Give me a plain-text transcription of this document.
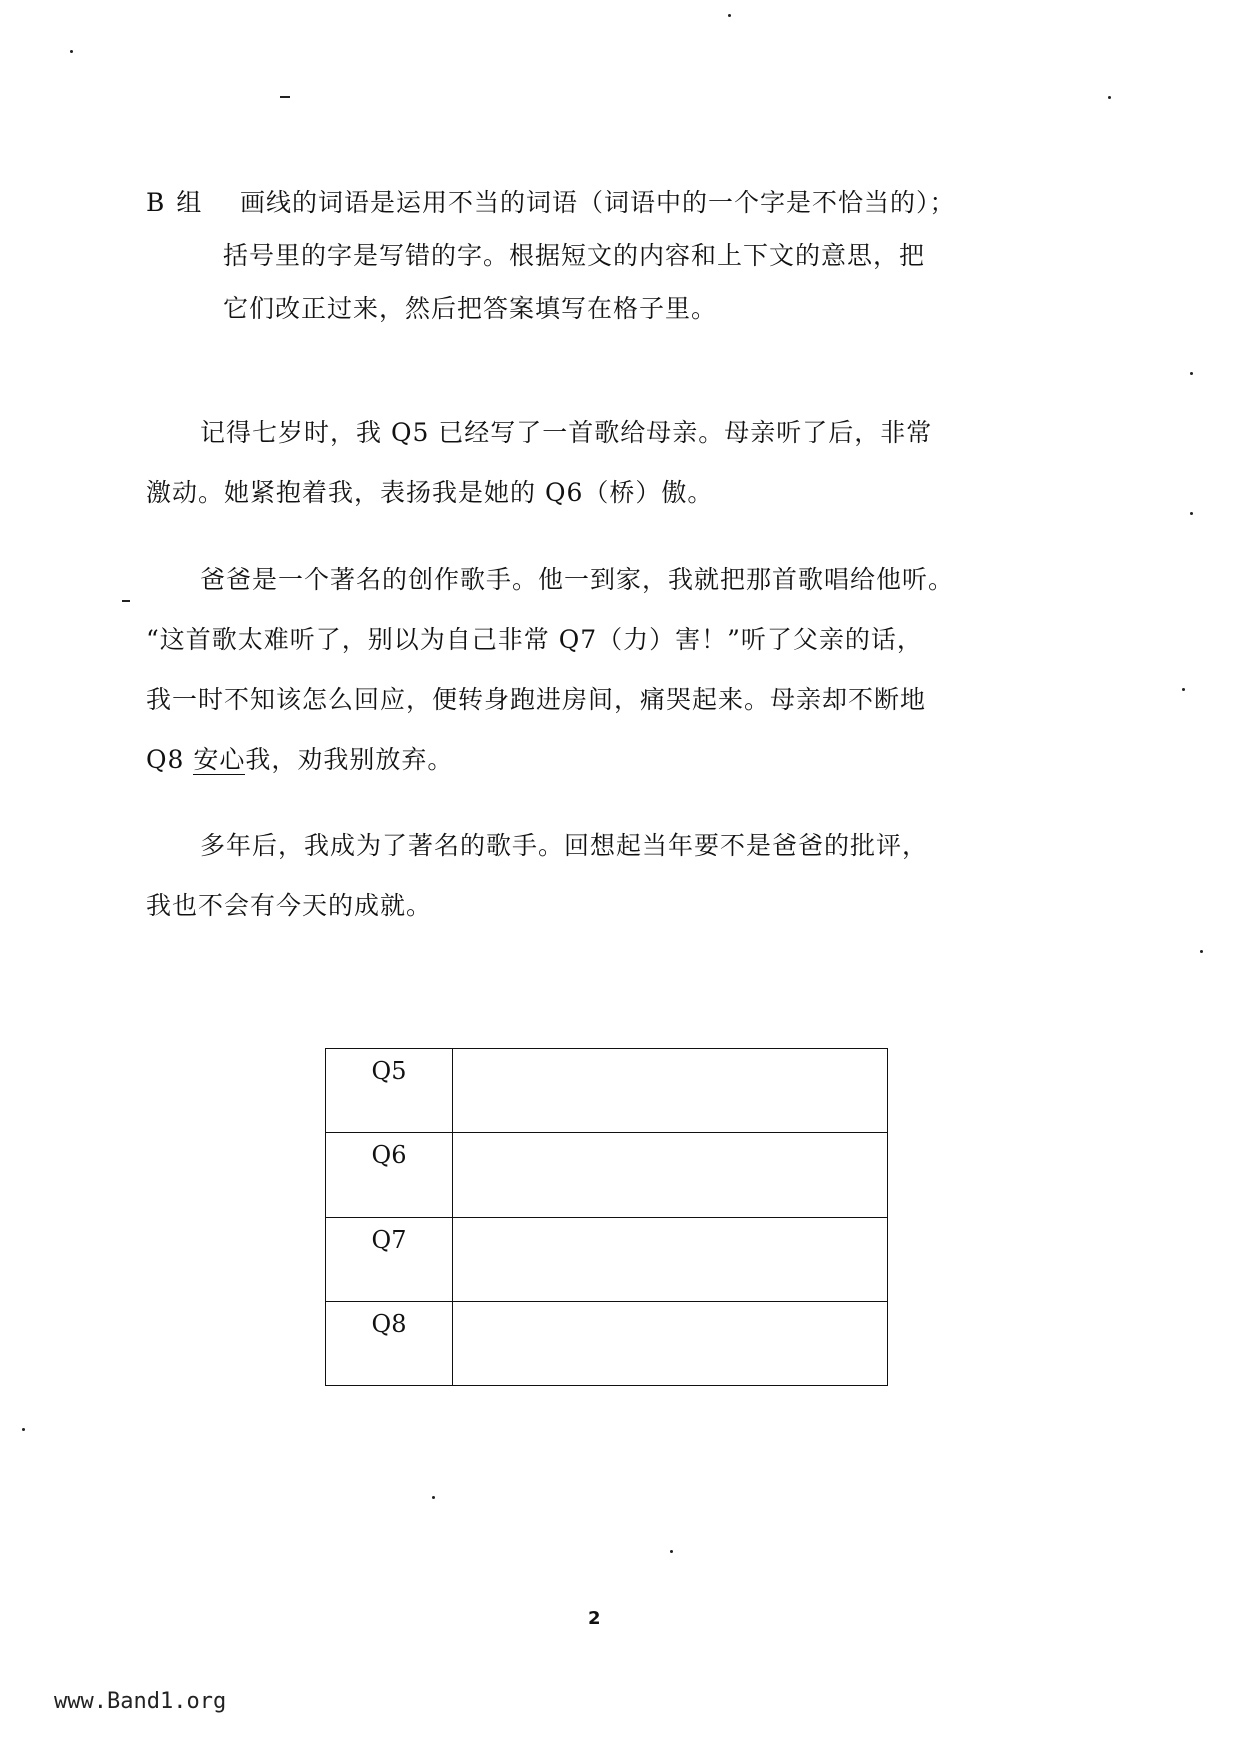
B 组 画线的词语是运用不当的词语（词语中的一个字是不恰当的）；
括号里的字是写错的字。根据短文的内容和上下文的意思，把
它们改正过来，然后把答案填写在格子里。
记得七岁时，我 Q5 已经写了一首歌给母亲。母亲听了后，非常
激动。她紧抱着我，表扬我是她的 Q6（桥）傲。
爸爸是一个著名的创作歌手。他一到家，我就把那首歌唱给他听。
“这首歌太难听了，别以为自己非常 Q7（力）害！”听了父亲的话，
我一时不知该怎么回应，便转身跑进房间，痛哭起来。母亲却不断地
Q8 安心我，劝我别放弃。
多年后，我成为了著名的歌手。回想起当年要不是爸爸的批评，
我也不会有今天的成就。
Q5	
Q6	
Q7	
Q8	
2
www.Band1.org
